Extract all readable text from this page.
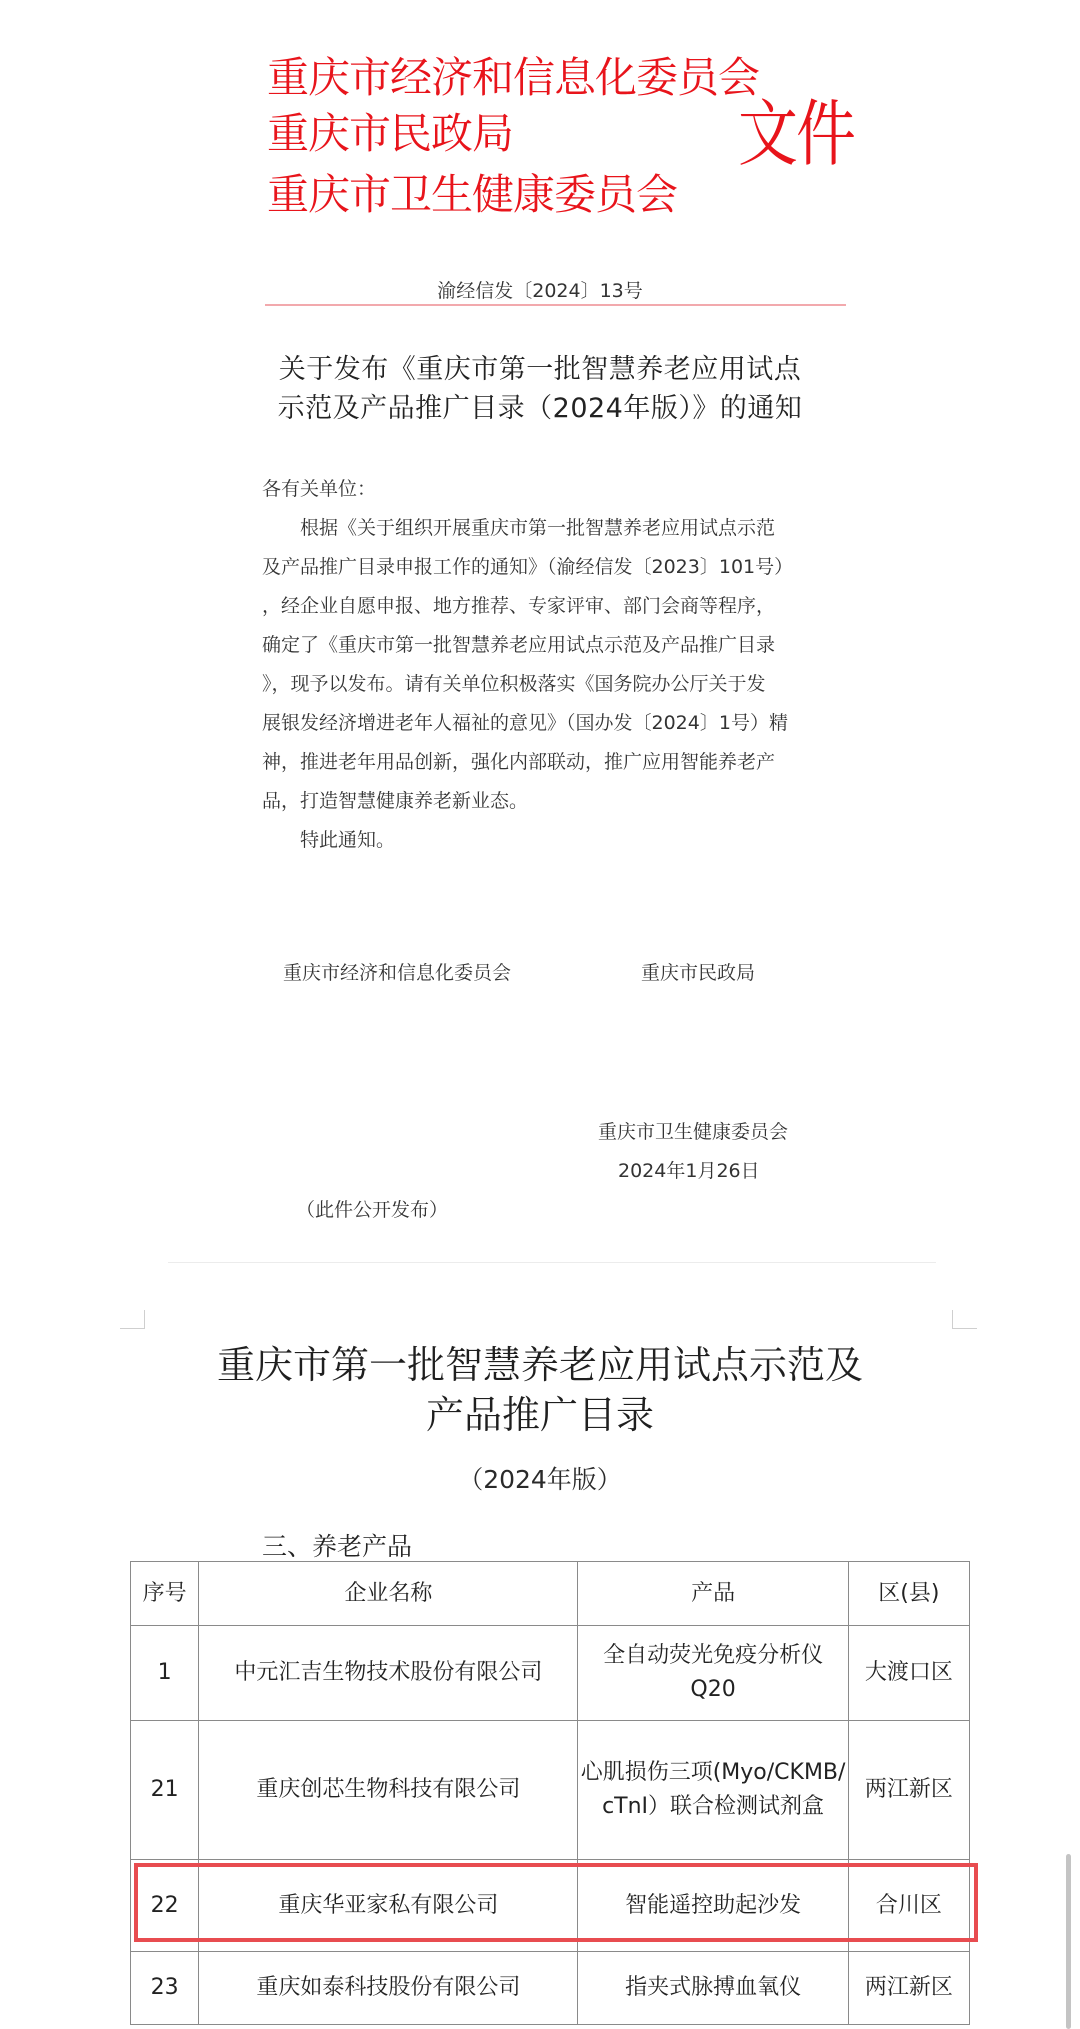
重庆市经济和信息化委员会
重庆市民政局
重庆市卫生健康委员会
文件
渝经信发〔2024〕13号
关于发布《重庆市第一批智慧养老应用试点
示范及产品推广目录（2024年版）》的通知

各有关单位：

根据《关于组织开展重庆市第一批智慧养老应用试点示范

及产品推广目录申报工作的通知》（渝经信发〔2023〕101号）

，经企业自愿申报、地方推荐、专家评审、部门会商等程序，

确定了《重庆市第一批智慧养老应用试点示范及产品推广目录

》，现予以发布。请有关单位积极落实《国务院办公厅关于发

展银发经济增进老年人福祉的意见》（国办发〔2024〕1号）精

神，推进老年用品创新，强化内部联动，推广应用智能养老产

品，打造智慧健康养老新业态。

特此通知。

重庆市经济和信息化委员会	重庆市民政局
重庆市卫生健康委员会
2024年1月26日
（此件公开发布）
重庆市第一批智慧养老应用试点示范及
产品推广目录
（2024年版）
三、养老产品
序号	企业名称	产品	区(县)
1	中元汇吉生物技术股份有限公司	全自动荧光免疫分析仪Q20	大渡口区
21	重庆创芯生物科技有限公司	心肌损伤三项(Myo/CKMB/cTnI）联合检测试剂盒	两江新区
22	重庆华亚家私有限公司	智能遥控助起沙发	合川区
23	重庆如泰科技股份有限公司	指夹式脉搏血氧仪	两江新区
